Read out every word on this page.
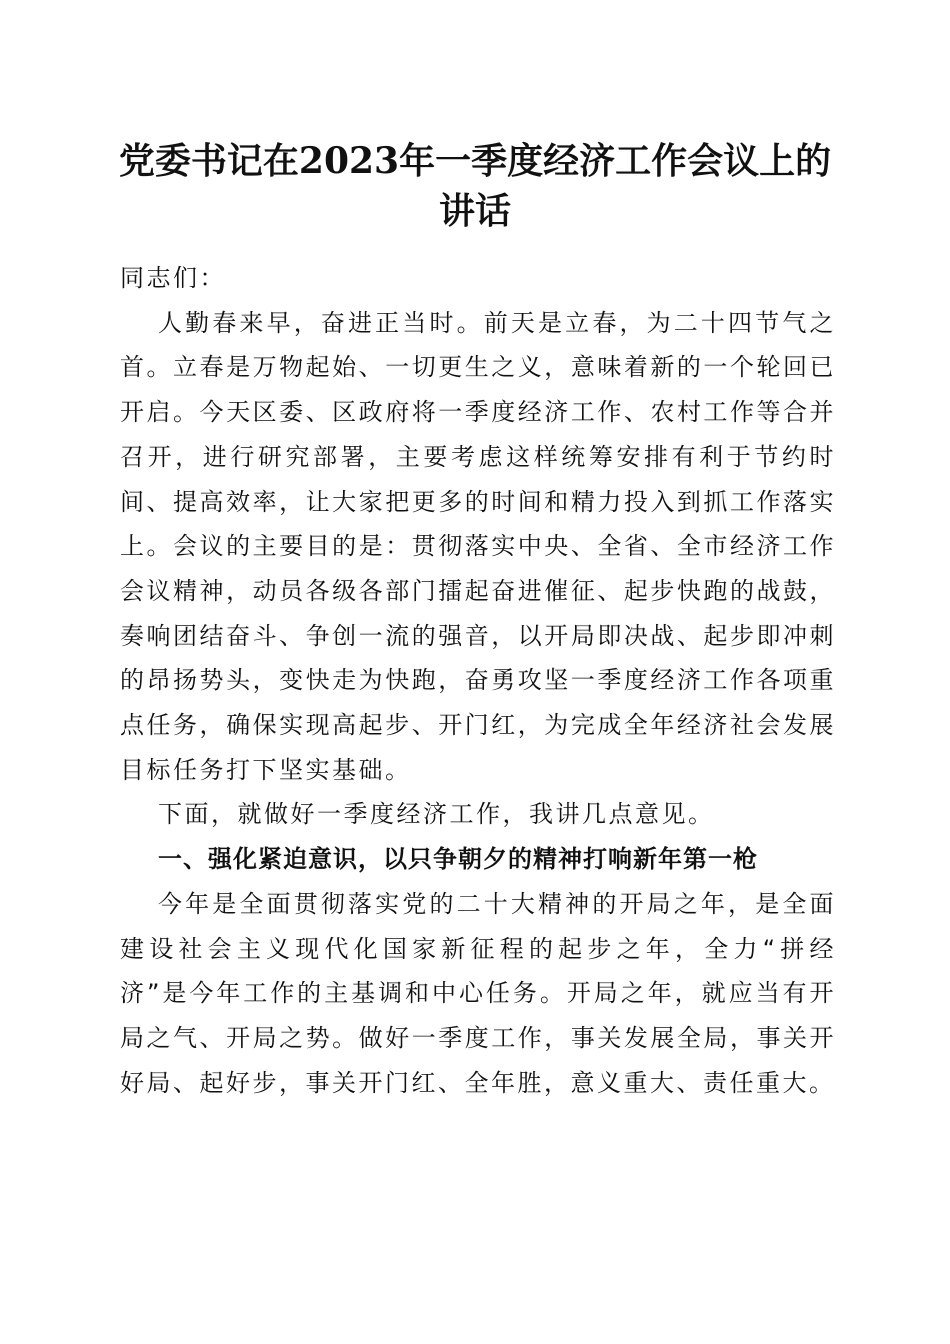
党委书记在2023年一季度经济工作会议上的
讲话

同志们：

人勤春来早，奋进正当时。前天是立春，为二十四节气之首。立春是万物起始、一切更生之义，意味着新的一个轮回已开启。今天区委、区政府将一季度经济工作、农村工作等合并召开，进行研究部署，主要考虑这样统筹安排有利于节约时间、提高效率，让大家把更多的时间和精力投入到抓工作落实上。会议的主要目的是：贯彻落实中央、全省、全市经济工作会议精神，动员各级各部门擂起奋进催征、起步快跑的战鼓，奏响团结奋斗、争创一流的强音，以开局即决战、起步即冲刺的昂扬势头，变快走为快跑，奋勇攻坚一季度经济工作各项重点任务，确保实现高起步、开门红，为完成全年经济社会发展目标任务打下坚实基础。

下面，就做好一季度经济工作，我讲几点意见。

一、强化紧迫意识，以只争朝夕的精神打响新年第一枪

今年是全面贯彻落实党的二十大精神的开局之年，是全面建设社会主义现代化国家新征程的起步之年，全力“拼经济”是今年工作的主基调和中心任务。开局之年，就应当有开局之气、开局之势。做好一季度工作，事关发展全局，事关开好局、起好步，事关开门红、全年胜，意义重大、责任重大。
